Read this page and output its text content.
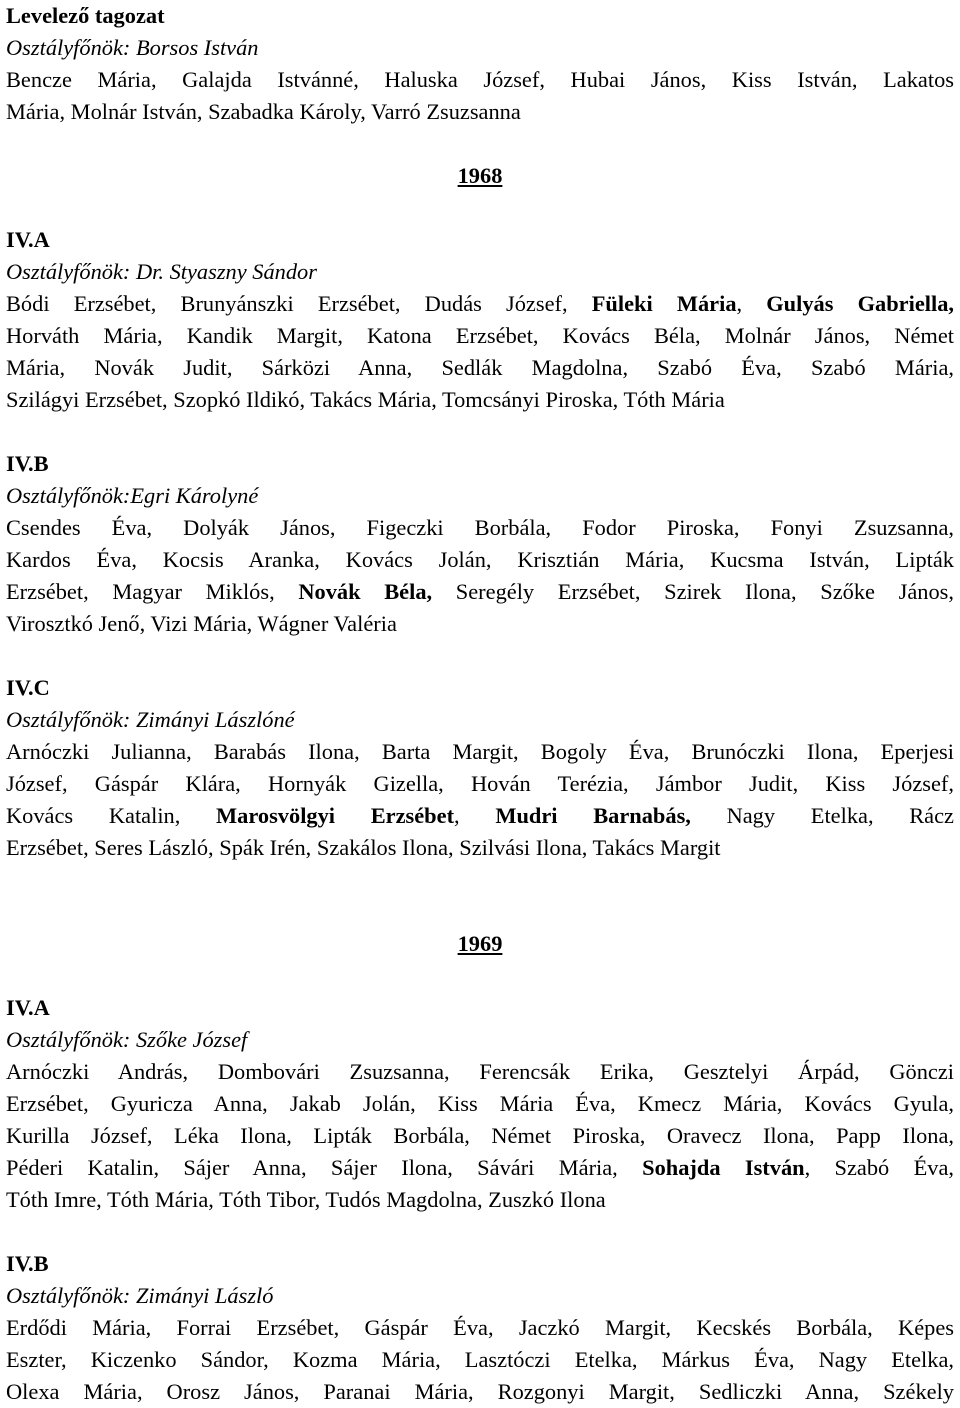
Levelező tagozat
Osztályfőnök: Borsos István
Bencze Mária, Galajda Istvánné, Haluska József, Hubai János, Kiss István, Lakatos
Mária, Molnár István, Szabadka Károly, Varró Zsuzsanna
1968
IV.A
Osztályfőnök: Dr. Styaszny Sándor
Bódi Erzsébet, Brunyánszki Erzsébet, Dudás József, Füleki Mária, Gulyás Gabriella,
Horváth Mária, Kandik Margit, Katona Erzsébet, Kovács Béla, Molnár János, Német
Mária, Novák Judit, Sárközi Anna, Sedlák Magdolna, Szabó Éva, Szabó Mária,
Szilágyi Erzsébet, Szopkó Ildikó, Takács Mária, Tomcsányi Piroska, Tóth Mária
IV.B
Osztályfőnök:Egri Károlyné
Csendes Éva, Dolyák János, Figeczki Borbála, Fodor Piroska, Fonyi Zsuzsanna,
Kardos Éva, Kocsis Aranka, Kovács Jolán, Krisztián Mária, Kucsma István, Lipták
Erzsébet, Magyar Miklós, Novák Béla, Seregély Erzsébet, Szirek Ilona, Szőke János,
Virosztkó Jenő, Vizi Mária, Wágner Valéria
IV.C
Osztályfőnök: Zimányi Lászlóné
Arnóczki Julianna, Barabás Ilona, Barta Margit, Bogoly Éva, Brunóczki Ilona, Eperjesi
József, Gáspár Klára, Hornyák Gizella, Hován Terézia, Jámbor Judit, Kiss József,
Kovács Katalin, Marosvölgyi Erzsébet, Mudri Barnabás, Nagy Etelka, Rácz
Erzsébet, Seres László, Spák Irén, Szakálos Ilona, Szilvási Ilona, Takács Margit
1969
IV.A
Osztályfőnök: Szőke József
Arnóczki András, Dombovári Zsuzsanna, Ferencsák Erika, Gesztelyi Árpád, Gönczi
Erzsébet, Gyuricza Anna, Jakab Jolán, Kiss Mária Éva, Kmecz Mária, Kovács Gyula,
Kurilla József, Léka Ilona, Lipták Borbála, Német Piroska, Oravecz Ilona, Papp Ilona,
Péderi Katalin, Sájer Anna, Sájer Ilona, Sávári Mária, Sohajda István, Szabó Éva,
Tóth Imre, Tóth Mária, Tóth Tibor, Tudós Magdolna, Zuszkó Ilona
IV.B
Osztályfőnök: Zimányi László
Erdődi Mária, Forrai Erzsébet, Gáspár Éva, Jaczkó Margit, Kecskés Borbála, Képes
Eszter, Kiczenko Sándor, Kozma Mária, Lasztóczi Etelka, Márkus Éva, Nagy Etelka,
Olexa Mária, Orosz János, Paranai Mária, Rozgonyi Margit, Sedliczki Anna, Székely
